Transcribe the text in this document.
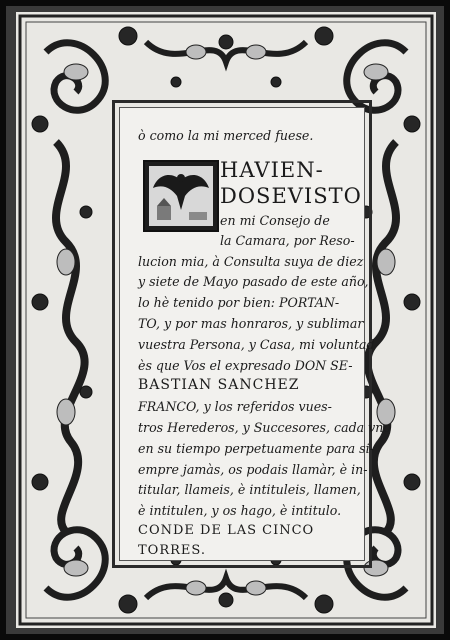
ò como la mi merced fuese.
HAVIEN-
DOSEVISTO
en mi Consejo de
la Camara, por Reso-
lucion mia, à Consulta suya de diez
y siete de Mayo pasado de este año,
lo hè tenido por bien: PORTAN-
TO, y por mas honraros, y sublimar
vuestra Persona, y Casa, mi voluntad
ès que Vos el expresado DON SE-
BASTIAN SANCHEZ
FRANCO, y los referidos vues-
tros Herederos, y Succesores, cada vno
en su tiempo perpetuamente para si-
empre jamàs, os podais llamàr, è in-
titular, llameis, è intituleis, llamen,
è intitulen, y os hago, è intitulo.
CONDE DE LAS CINCO
TORRES.
